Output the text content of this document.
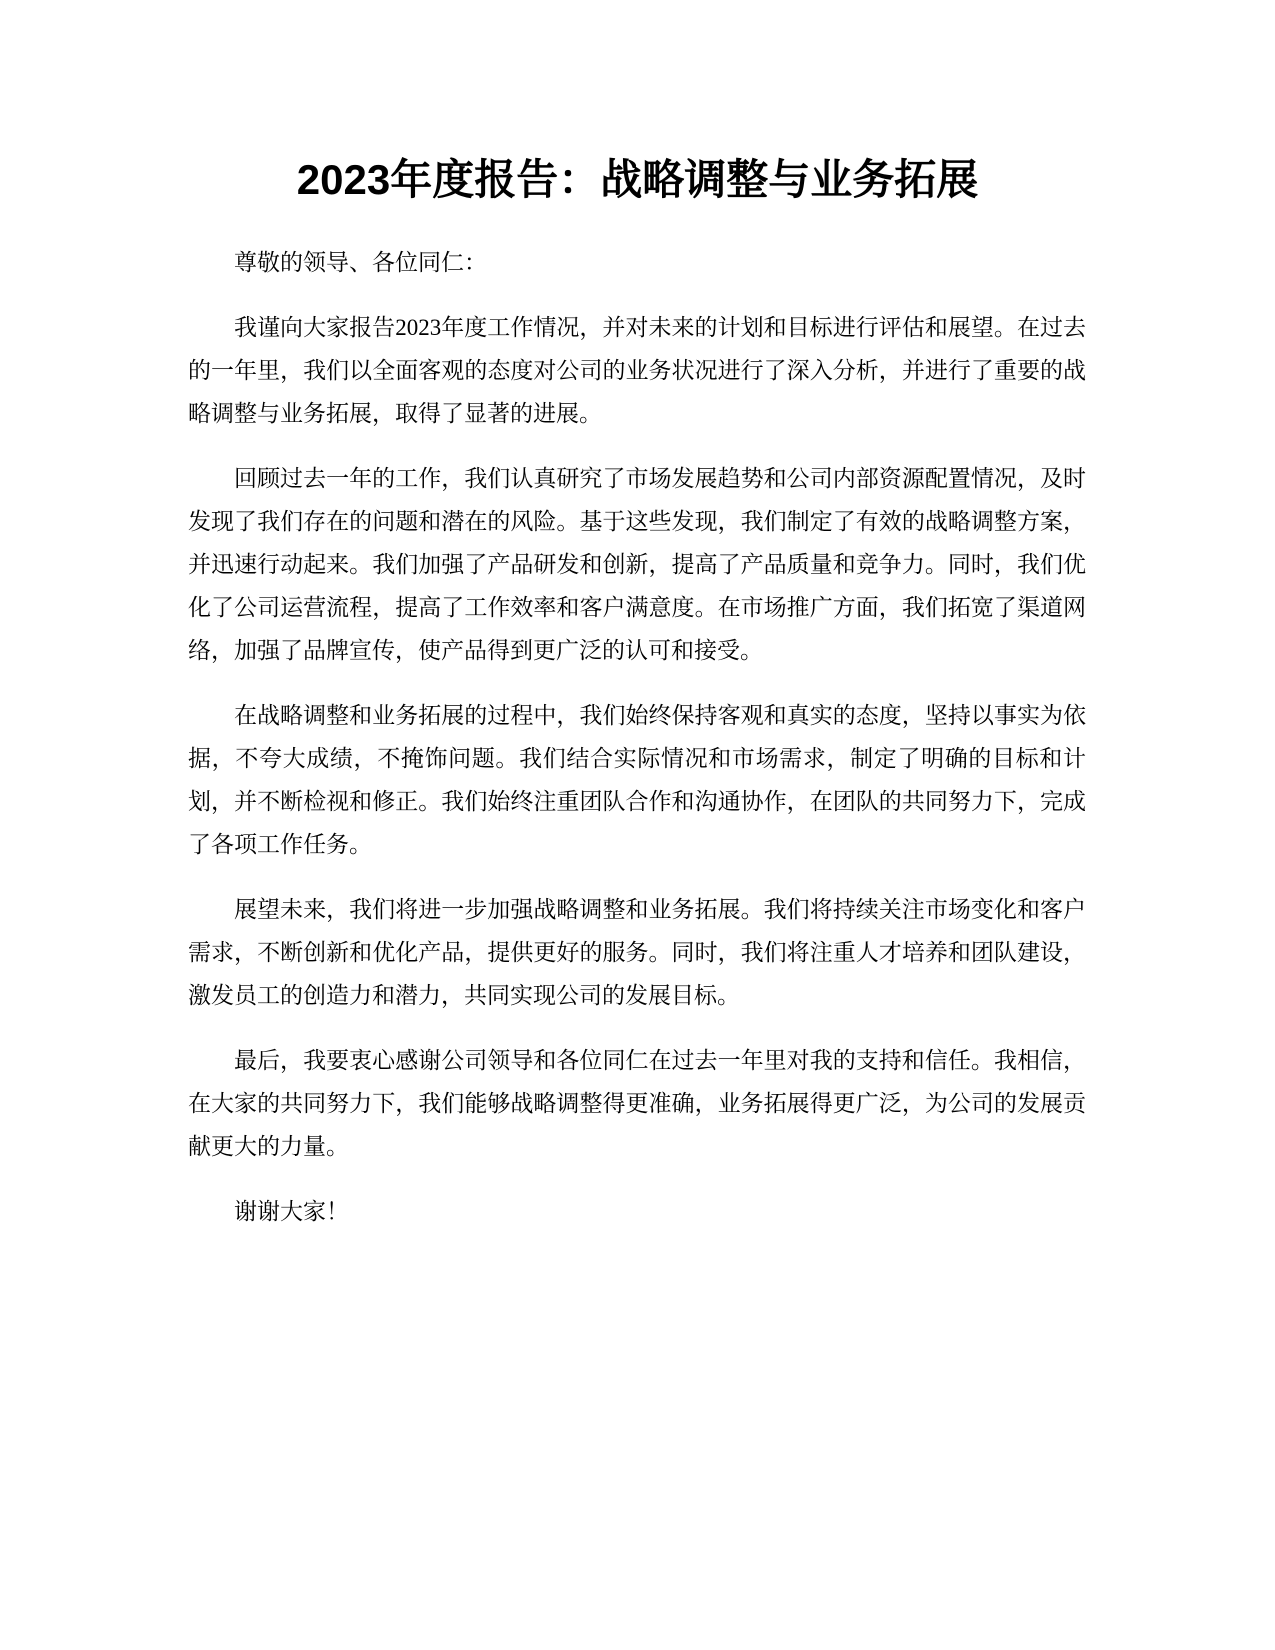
2023年度报告：战略调整与业务拓展

尊敬的领导、各位同仁：

我谨向大家报告2023年度工作情况，并对未来的计划和目标进行评估和展望。在过去的一年里，我们以全面客观的态度对公司的业务状况进行了深入分析，并进行了重要的战略调整与业务拓展，取得了显著的进展。

回顾过去一年的工作，我们认真研究了市场发展趋势和公司内部资源配置情况，及时发现了我们存在的问题和潜在的风险。基于这些发现，我们制定了有效的战略调整方案，并迅速行动起来。我们加强了产品研发和创新，提高了产品质量和竞争力。同时，我们优化了公司运营流程，提高了工作效率和客户满意度。在市场推广方面，我们拓宽了渠道网络，加强了品牌宣传，使产品得到更广泛的认可和接受。

在战略调整和业务拓展的过程中，我们始终保持客观和真实的态度，坚持以事实为依据，不夸大成绩，不掩饰问题。我们结合实际情况和市场需求，制定了明确的目标和计划，并不断检视和修正。我们始终注重团队合作和沟通协作，在团队的共同努力下，完成了各项工作任务。

展望未来，我们将进一步加强战略调整和业务拓展。我们将持续关注市场变化和客户需求，不断创新和优化产品，提供更好的服务。同时，我们将注重人才培养和团队建设，激发员工的创造力和潜力，共同实现公司的发展目标。

最后，我要衷心感谢公司领导和各位同仁在过去一年里对我的支持和信任。我相信，在大家的共同努力下，我们能够战略调整得更准确，业务拓展得更广泛，为公司的发展贡献更大的力量。

谢谢大家！
